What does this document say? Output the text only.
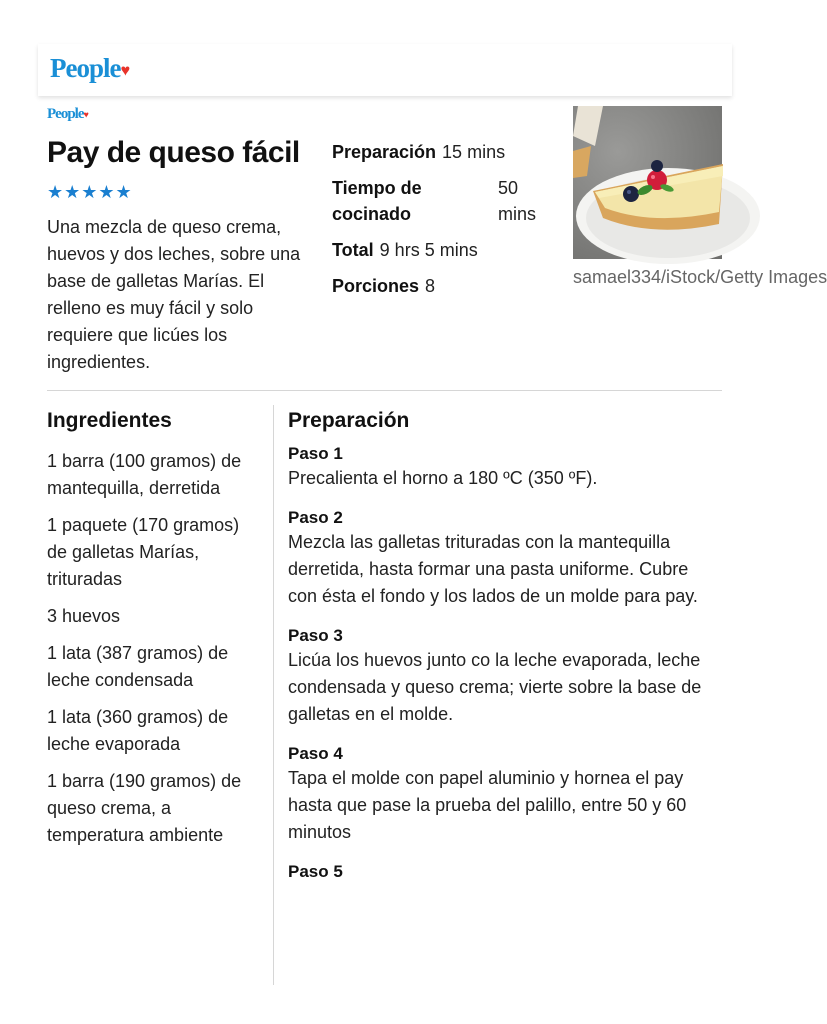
People♥
People♥
Pay de queso fácil
★★★★★
Una mezcla de queso crema, huevos y dos leches, sobre una base de galletas Marías. El relleno es muy fácil y solo requiere que licúes los ingredientes.
Preparación 15 mins
Tiempo de cocinado
50 mins
Total 9 hrs 5 mins
Porciones 8	samael334/iStock/Getty Images
Ingredientes
1 barra (100 gramos) de mantequilla, derretida
1 paquete (170 gramos) de galletas Marías, trituradas
3 huevos
1 lata (387 gramos) de leche condensada
1 lata (360 gramos) de leche evaporada
1 barra (190 gramos) de queso crema, a temperatura ambiente
Preparación
Paso 1
Precalienta el horno a 180 ºC (350 ºF).
Paso 2
Mezcla las galletas trituradas con la mantequilla derretida, hasta formar una pasta uniforme. Cubre con ésta el fondo y los lados de un molde para pay.
Paso 3
Licúa los huevos junto co la leche evaporada, leche condensada y queso crema; vierte sobre la base de galletas en el molde.
Paso 4
Tapa el molde con papel aluminio y hornea el pay hasta que pase la prueba del palillo, entre 50 y 60 minutos
Paso 5
